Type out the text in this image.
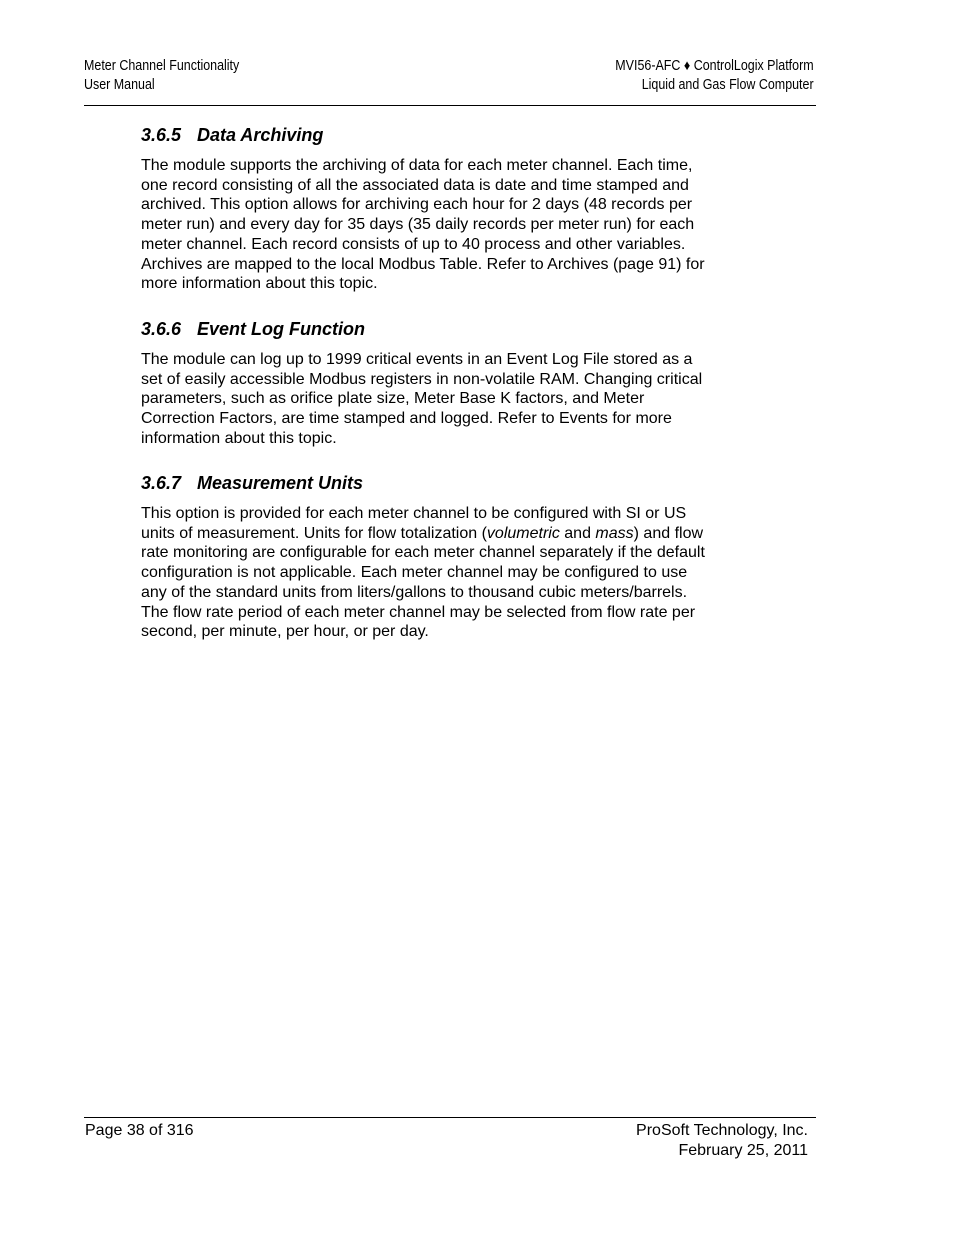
Meter Channel Functionality
User Manual
MVI56-AFC ♦ ControlLogix Platform
Liquid and Gas Flow Computer
3.6.5 Data Archiving
The module supports the archiving of data for each meter channel. Each time,
one record consisting of all the associated data is date and time stamped and
archived. This option allows for archiving each hour for 2 days (48 records per
meter run) and every day for 35 days (35 daily records per meter run) for each
meter channel. Each record consists of up to 40 process and other variables.
Archives are mapped to the local Modbus Table. Refer to Archives (page 91) for
more information about this topic.
3.6.6 Event Log Function
The module can log up to 1999 critical events in an Event Log File stored as a
set of easily accessible Modbus registers in non-volatile RAM. Changing critical
parameters, such as orifice plate size, Meter Base K factors, and Meter
Correction Factors, are time stamped and logged. Refer to Events for more
information about this topic.
3.6.7 Measurement Units
This option is provided for each meter channel to be configured with SI or US
units of measurement. Units for flow totalization (volumetric and mass) and flow
rate monitoring are configurable for each meter channel separately if the default
configuration is not applicable. Each meter channel may be configured to use
any of the standard units from liters/gallons to thousand cubic meters/barrels.
The flow rate period of each meter channel may be selected from flow rate per
second, per minute, per hour, or per day.
Page 38 of 316	ProSoft Technology, Inc.
February 25, 2011
